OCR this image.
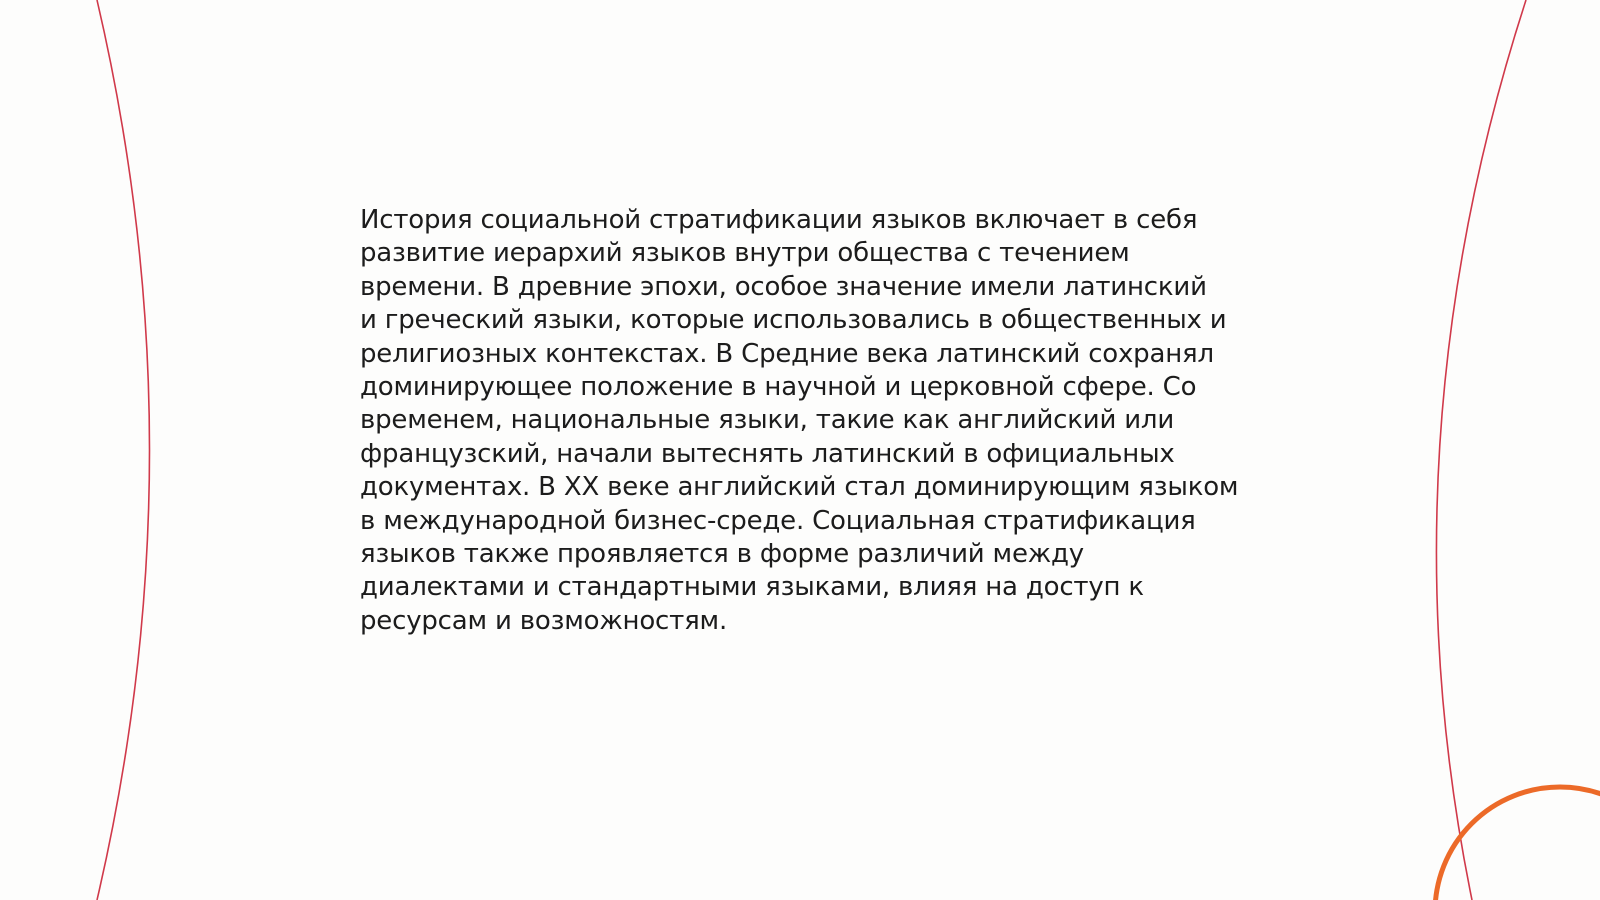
История социальной стратификации языков включает в себя
развитие иерархий языков внутри общества с течением
времени. В древние эпохи, особое значение имели латинский
и греческий языки, которые использовались в общественных и
религиозных контекстах. В Средние века латинский сохранял
доминирующее положение в научной и церковной сфере. Со
временем, национальные языки, такие как английский или
французский, начали вытеснять латинский в официальных
документах. В XX веке английский стал доминирующим языком
в международной бизнес-среде. Социальная стратификация
языков также проявляется в форме различий между
диалектами и стандартными языками, влияя на доступ к
ресурсам и возможностям.
